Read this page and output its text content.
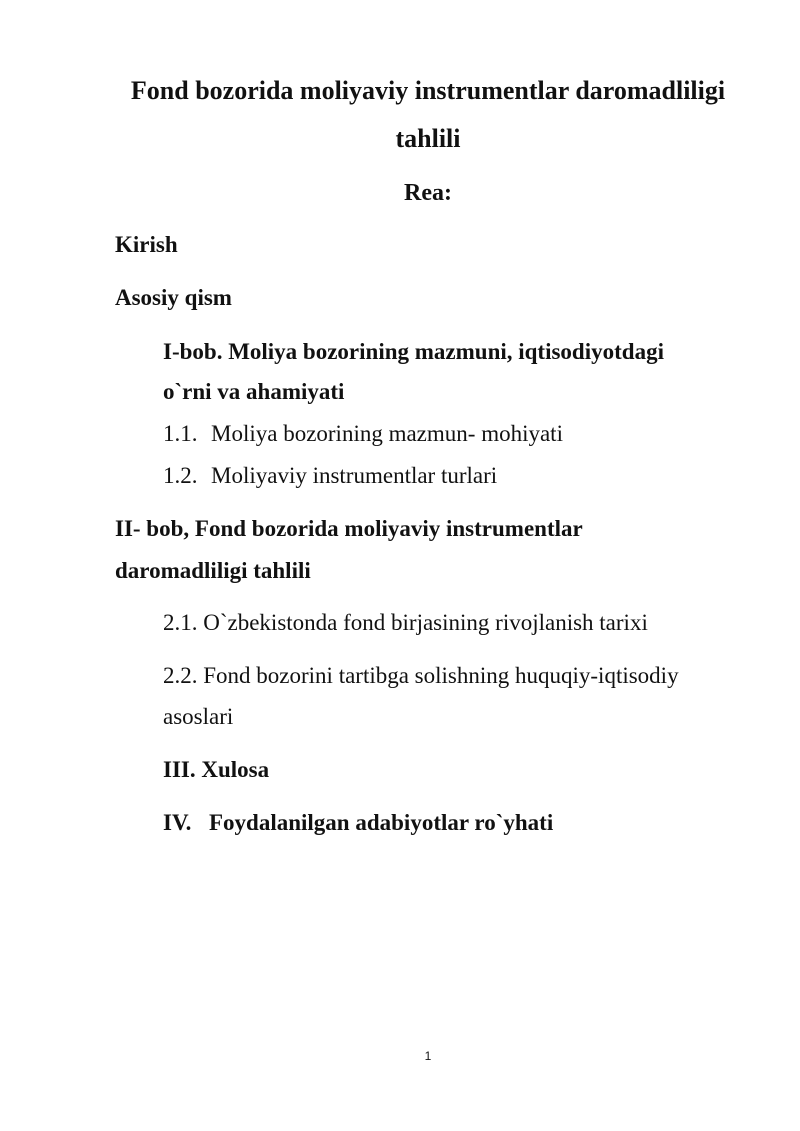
Fond bozorida moliyaviy instrumentlar daromadliligi
tahlili
Rea:
Kirish
Asosiy qism
I-bob. Moliya bozorining mazmuni, iqtisodiyotdagi
o`rni va ahamiyati
1.1. Moliya bozorining mazmun- mohiyati
1.2. Moliyaviy instrumentlar turlari
II- bob, Fond bozorida moliyaviy instrumentlar
daromadliligi tahlili
2.1. O`zbekistonda fond birjasining rivojlanish tarixi
2.2. Fond bozorini tartibga solishning huquqiy-iqtisodiy
asoslari
III. Xulosa
IV. Foydalanilgan adabiyotlar ro`yhati
1
